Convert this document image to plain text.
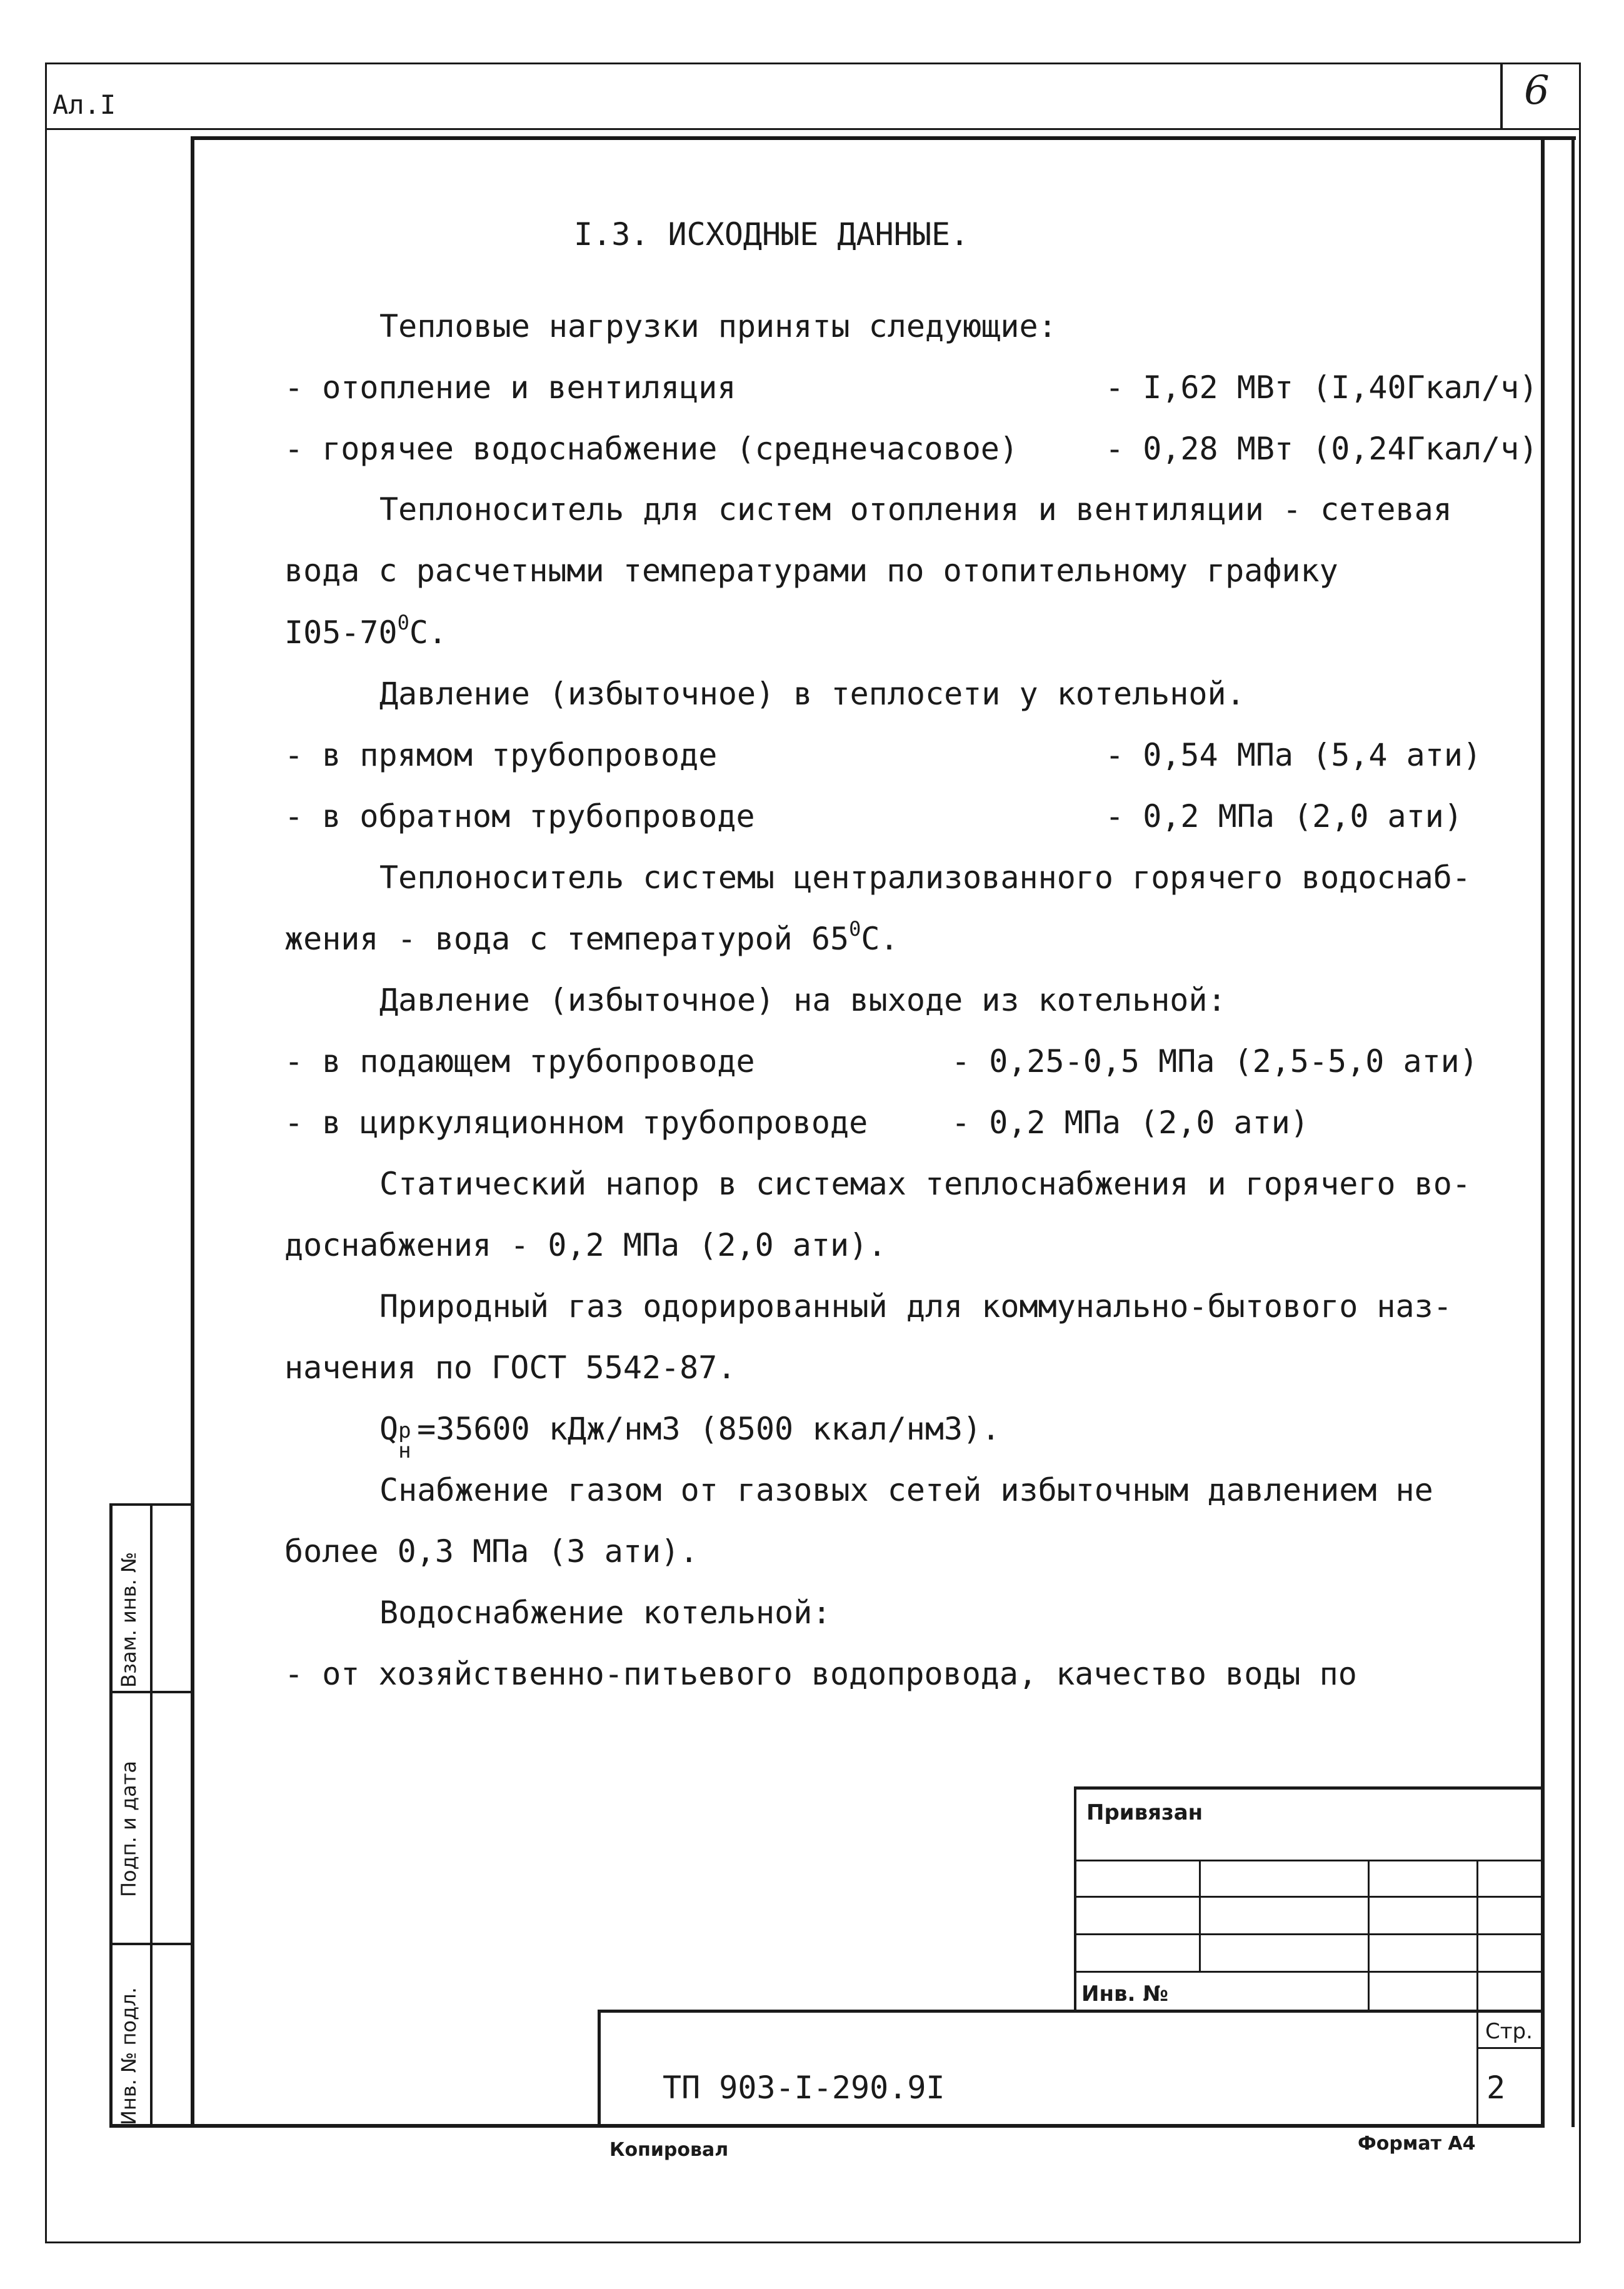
Ал.I	6
I.3. ИСХОДНЫЕ ДАННЫЕ.
Тепловые нагрузки приняты следующие:
- отопление и вентиляция	- I,62 МВт (I,40Гкал/ч)
- горячее водоснабжение (среднечасовое)	- 0,28 МВт (0,24Гкал/ч)
Теплоноситель для систем отопления и вентиляции - сетевая
вода с расчетными температурами по отопительному графику
$I05-70^0С$.
Давление (избыточное) в теплосети у котельной.
- в прямом трубопроводе	- 0,54 МПа (5,4 ати)
- в обратном трубопроводе	- 0,2 МПа (2,0 ати)
Теплоноситель системы централизованного горячего водоснаб-
жения - вода с температурой $65^0С$.
Давление (избыточное) на выходе из котельной:
- в подающем трубопроводе	- 0,25-0,5 МПа (2,5-5,0 ати)
- в циркуляционном трубопроводе	- 0,2 МПа (2,0 ати)
Статический напор в системах теплоснабжения и горячего во-
доснабжения - 0,2 МПа (2,0 ати).
Природный газ одорированный для коммунально-бытового наз-
начения по ГОСТ 5542-87.
Q р
н
=35600 кДж/нм3 (8500 ккал/нм3).
Снабжение газом от газовых сетей избыточным давлением не
более 0,3 МПа (3 ати).
Водоснабжение котельной:
- от хозяйственно-питьевого водопровода, качество воды по
Привязан
Инв. №
Стр.
2
ТП 903-I-290.9I
Копировал	Формат А4
Взам. инв. №
Подп. и дата
Инв. № подл.
